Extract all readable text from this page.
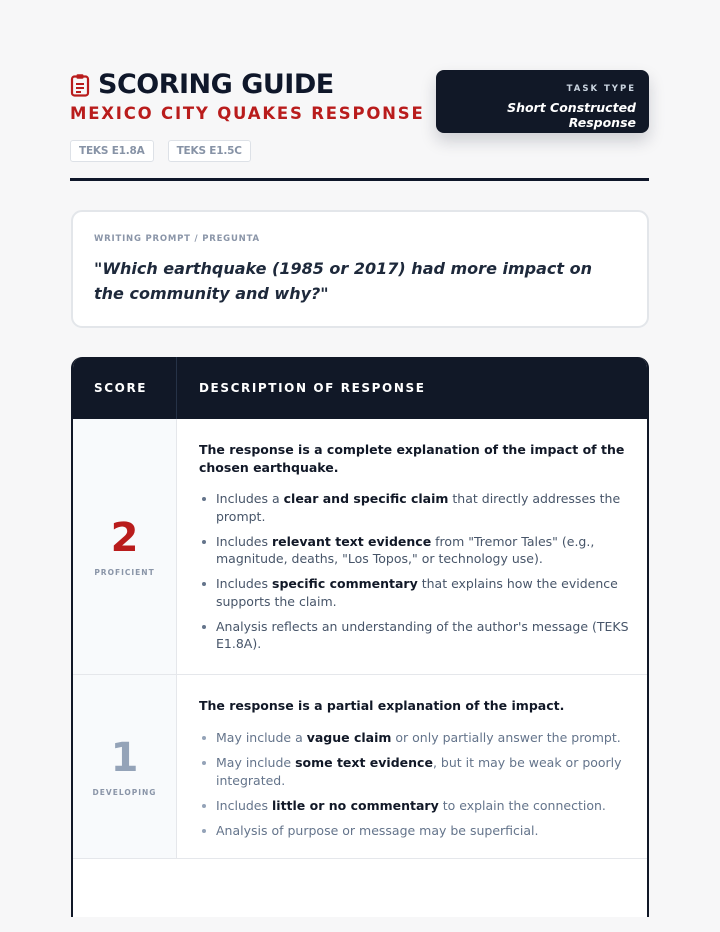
SCORING GUIDE
MEXICO CITY QUAKES RESPONSE
TEKS E1.8A	TEKS E1.5C
TASK TYPE
Short Constructed Response
WRITING PROMPT / PREGUNTA
"Which earthquake (1985 or 2017) had more impact on the community and why?"
SCORE	DESCRIPTION OF RESPONSE
2
PROFICIENT
The response is a complete explanation of the impact of the chosen earthquake.
Includes a clear and specific claim that directly addresses the prompt.
Includes relevant text evidence from "Tremor Tales" (e.g., magnitude, deaths, "Los Topos," or technology use).
Includes specific commentary that explains how the evidence supports the claim.
Analysis reflects an understanding of the author's message (TEKS E1.8A).
1
DEVELOPING
The response is a partial explanation of the impact.
May include a vague claim or only partially answer the prompt.
May include some text evidence, but it may be weak or poorly integrated.
Includes little or no commentary to explain the connection.
Analysis of purpose or message may be superficial.
